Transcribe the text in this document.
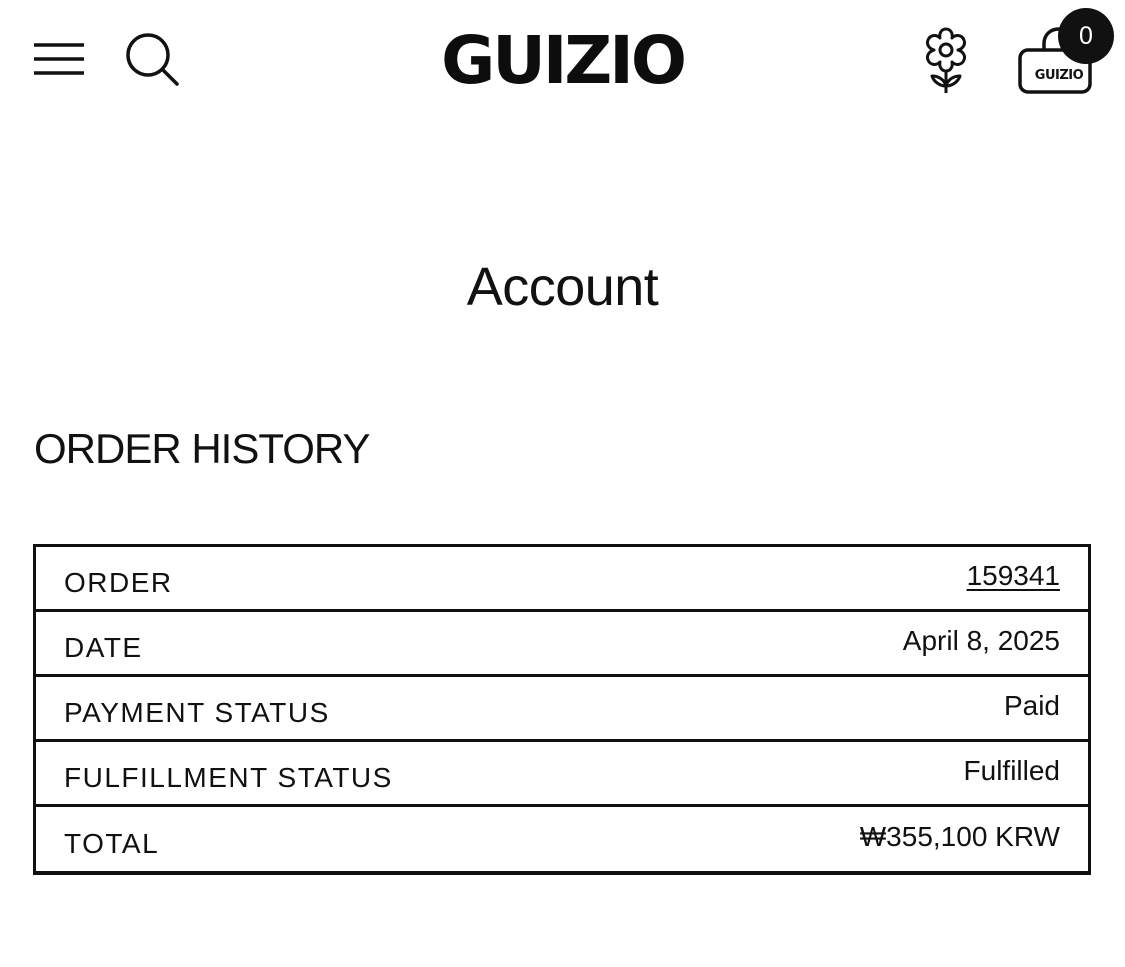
GUIZIO	GUIZIO
0
Account
ORDER HISTORY
ORDER	159341
DATE	April 8, 2025
PAYMENT STATUS	Paid
FULFILLMENT STATUS	Fulfilled
TOTAL	₩355,100 KRW
